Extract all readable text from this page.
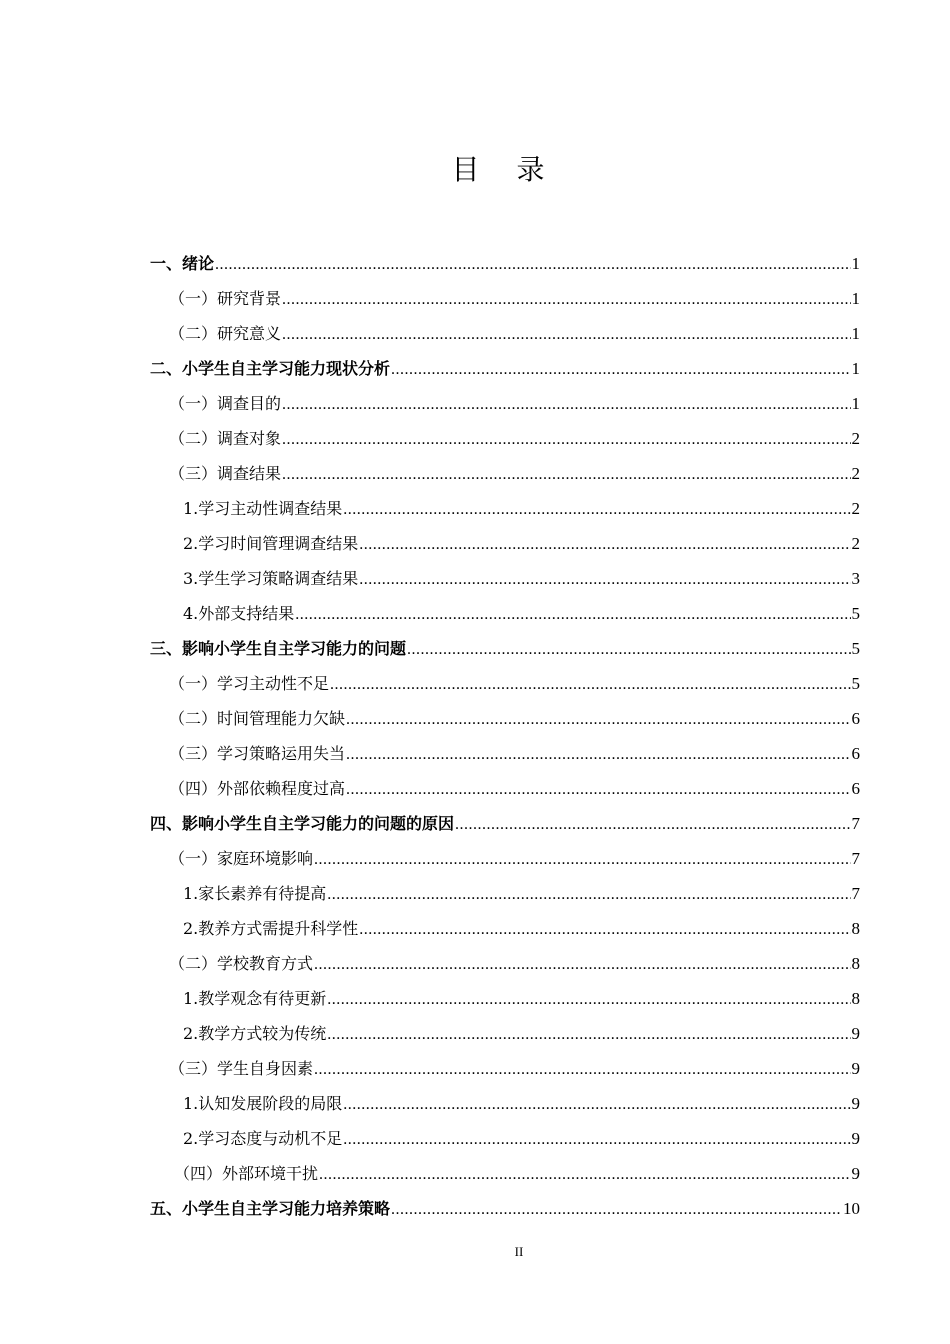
目 录
一、绪论 .....	1
（一）研究背景 .....	1
（二）研究意义 .....	1
二、小学生自主学习能力现状分析 .....	1
（一）调查目的 .....	1
（二）调查对象 .....	2
（三）调查结果 .....	2
1.学习主动性调查结果 .....	2
2.学习时间管理调查结果 .....	2
3.学生学习策略调查结果 .....	3
4.外部支持结果 .....	5
三、影响小学生自主学习能力的问题 .....	5
（一）学习主动性不足 .....	5
（二）时间管理能力欠缺 .....	6
（三）学习策略运用失当 .....	6
（四）外部依赖程度过高 .....	6
四、影响小学生自主学习能力的问题的原因 .....	7
（一）家庭环境影响 .....	7
1.家长素养有待提高 .....	7
2.教养方式需提升科学性 .....	8
（二）学校教育方式 .....	8
1.教学观念有待更新 .....	8
2.教学方式较为传统 .....	9
（三）学生自身因素 .....	9
1.认知发展阶段的局限 .....	9
2.学习态度与动机不足 .....	9
（四）外部环境干扰 .....	9
五、小学生自主学习能力培养策略 .....	10
II
